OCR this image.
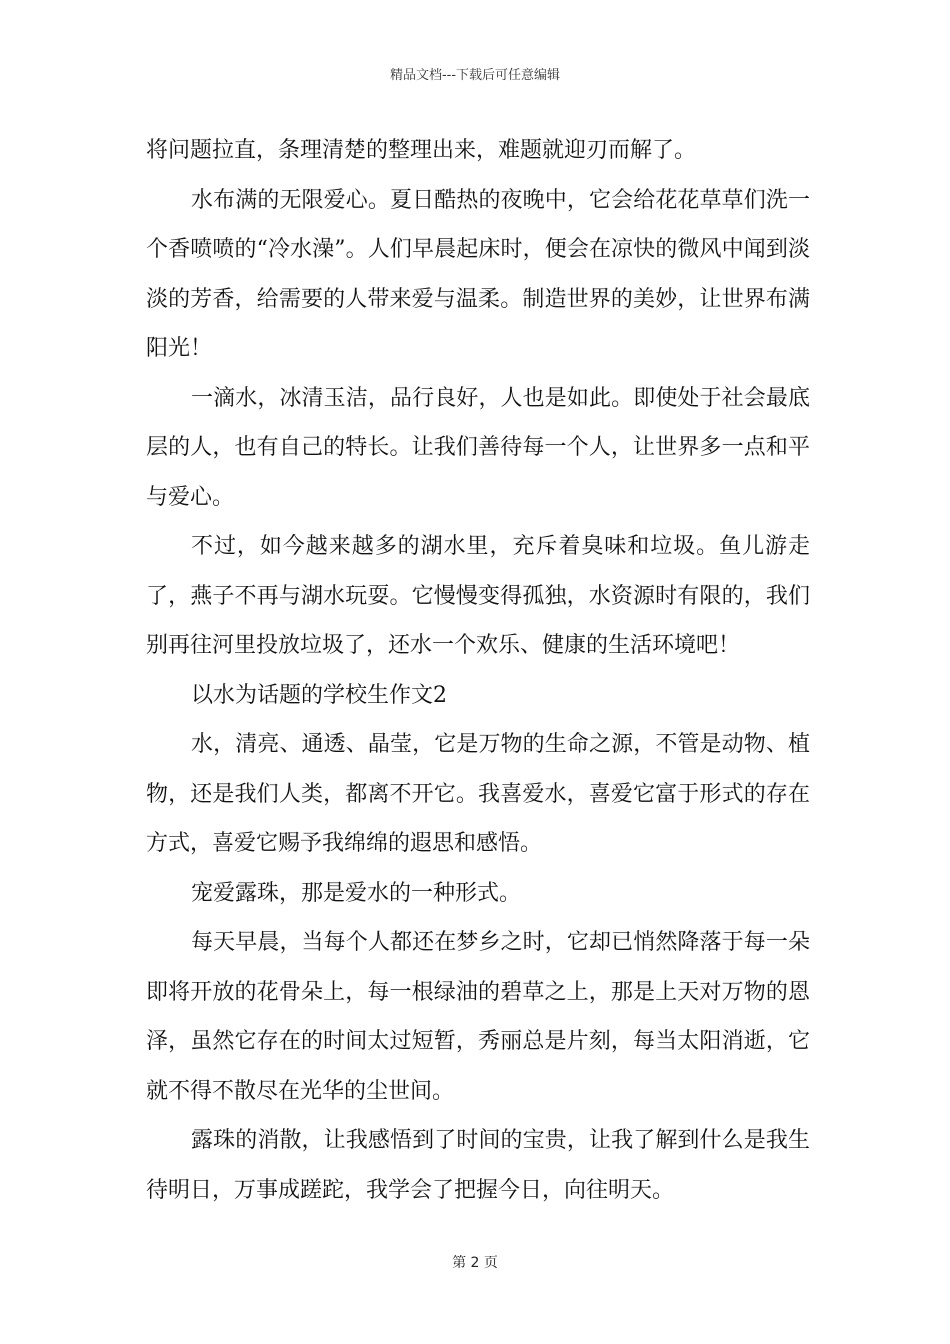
精品文档---下载后可任意编辑

将问题拉直，条理清楚的整理出来，难题就迎刃而解了。

水布满的无限爱心。夏日酷热的夜晚中，它会给花花草草们洗一个香喷喷的“冷水澡”。人们早晨起床时，便会在凉快的微风中闻到淡淡的芳香，给需要的人带来爱与温柔。制造世界的美妙，让世界布满阳光！

一滴水，冰清玉洁，品行良好，人也是如此。即使处于社会最底层的人，也有自己的特长。让我们善待每一个人，让世界多一点和平与爱心。

不过，如今越来越多的湖水里，充斥着臭味和垃圾。鱼儿游走了，燕子不再与湖水玩耍。它慢慢变得孤独，水资源时有限的，我们别再往河里投放垃圾了，还水一个欢乐、健康的生活环境吧！

以水为话题的学校生作文2

水，清亮、通透、晶莹，它是万物的生命之源，不管是动物、植物，还是我们人类，都离不开它。我喜爱水，喜爱它富于形式的存在方式，喜爱它赐予我绵绵的遐思和感悟。

宠爱露珠，那是爱水的一种形式。

每天早晨，当每个人都还在梦乡之时，它却已悄然降落于每一朵即将开放的花骨朵上，每一根绿油的碧草之上，那是上天对万物的恩泽，虽然它存在的时间太过短暂，秀丽总是片刻，每当太阳消逝，它就不得不散尽在光华的尘世间。

露珠的消散，让我感悟到了时间的宝贵，让我了解到什么是我生待明日，万事成蹉跎，我学会了把握今日，向往明天。

第 2 页
